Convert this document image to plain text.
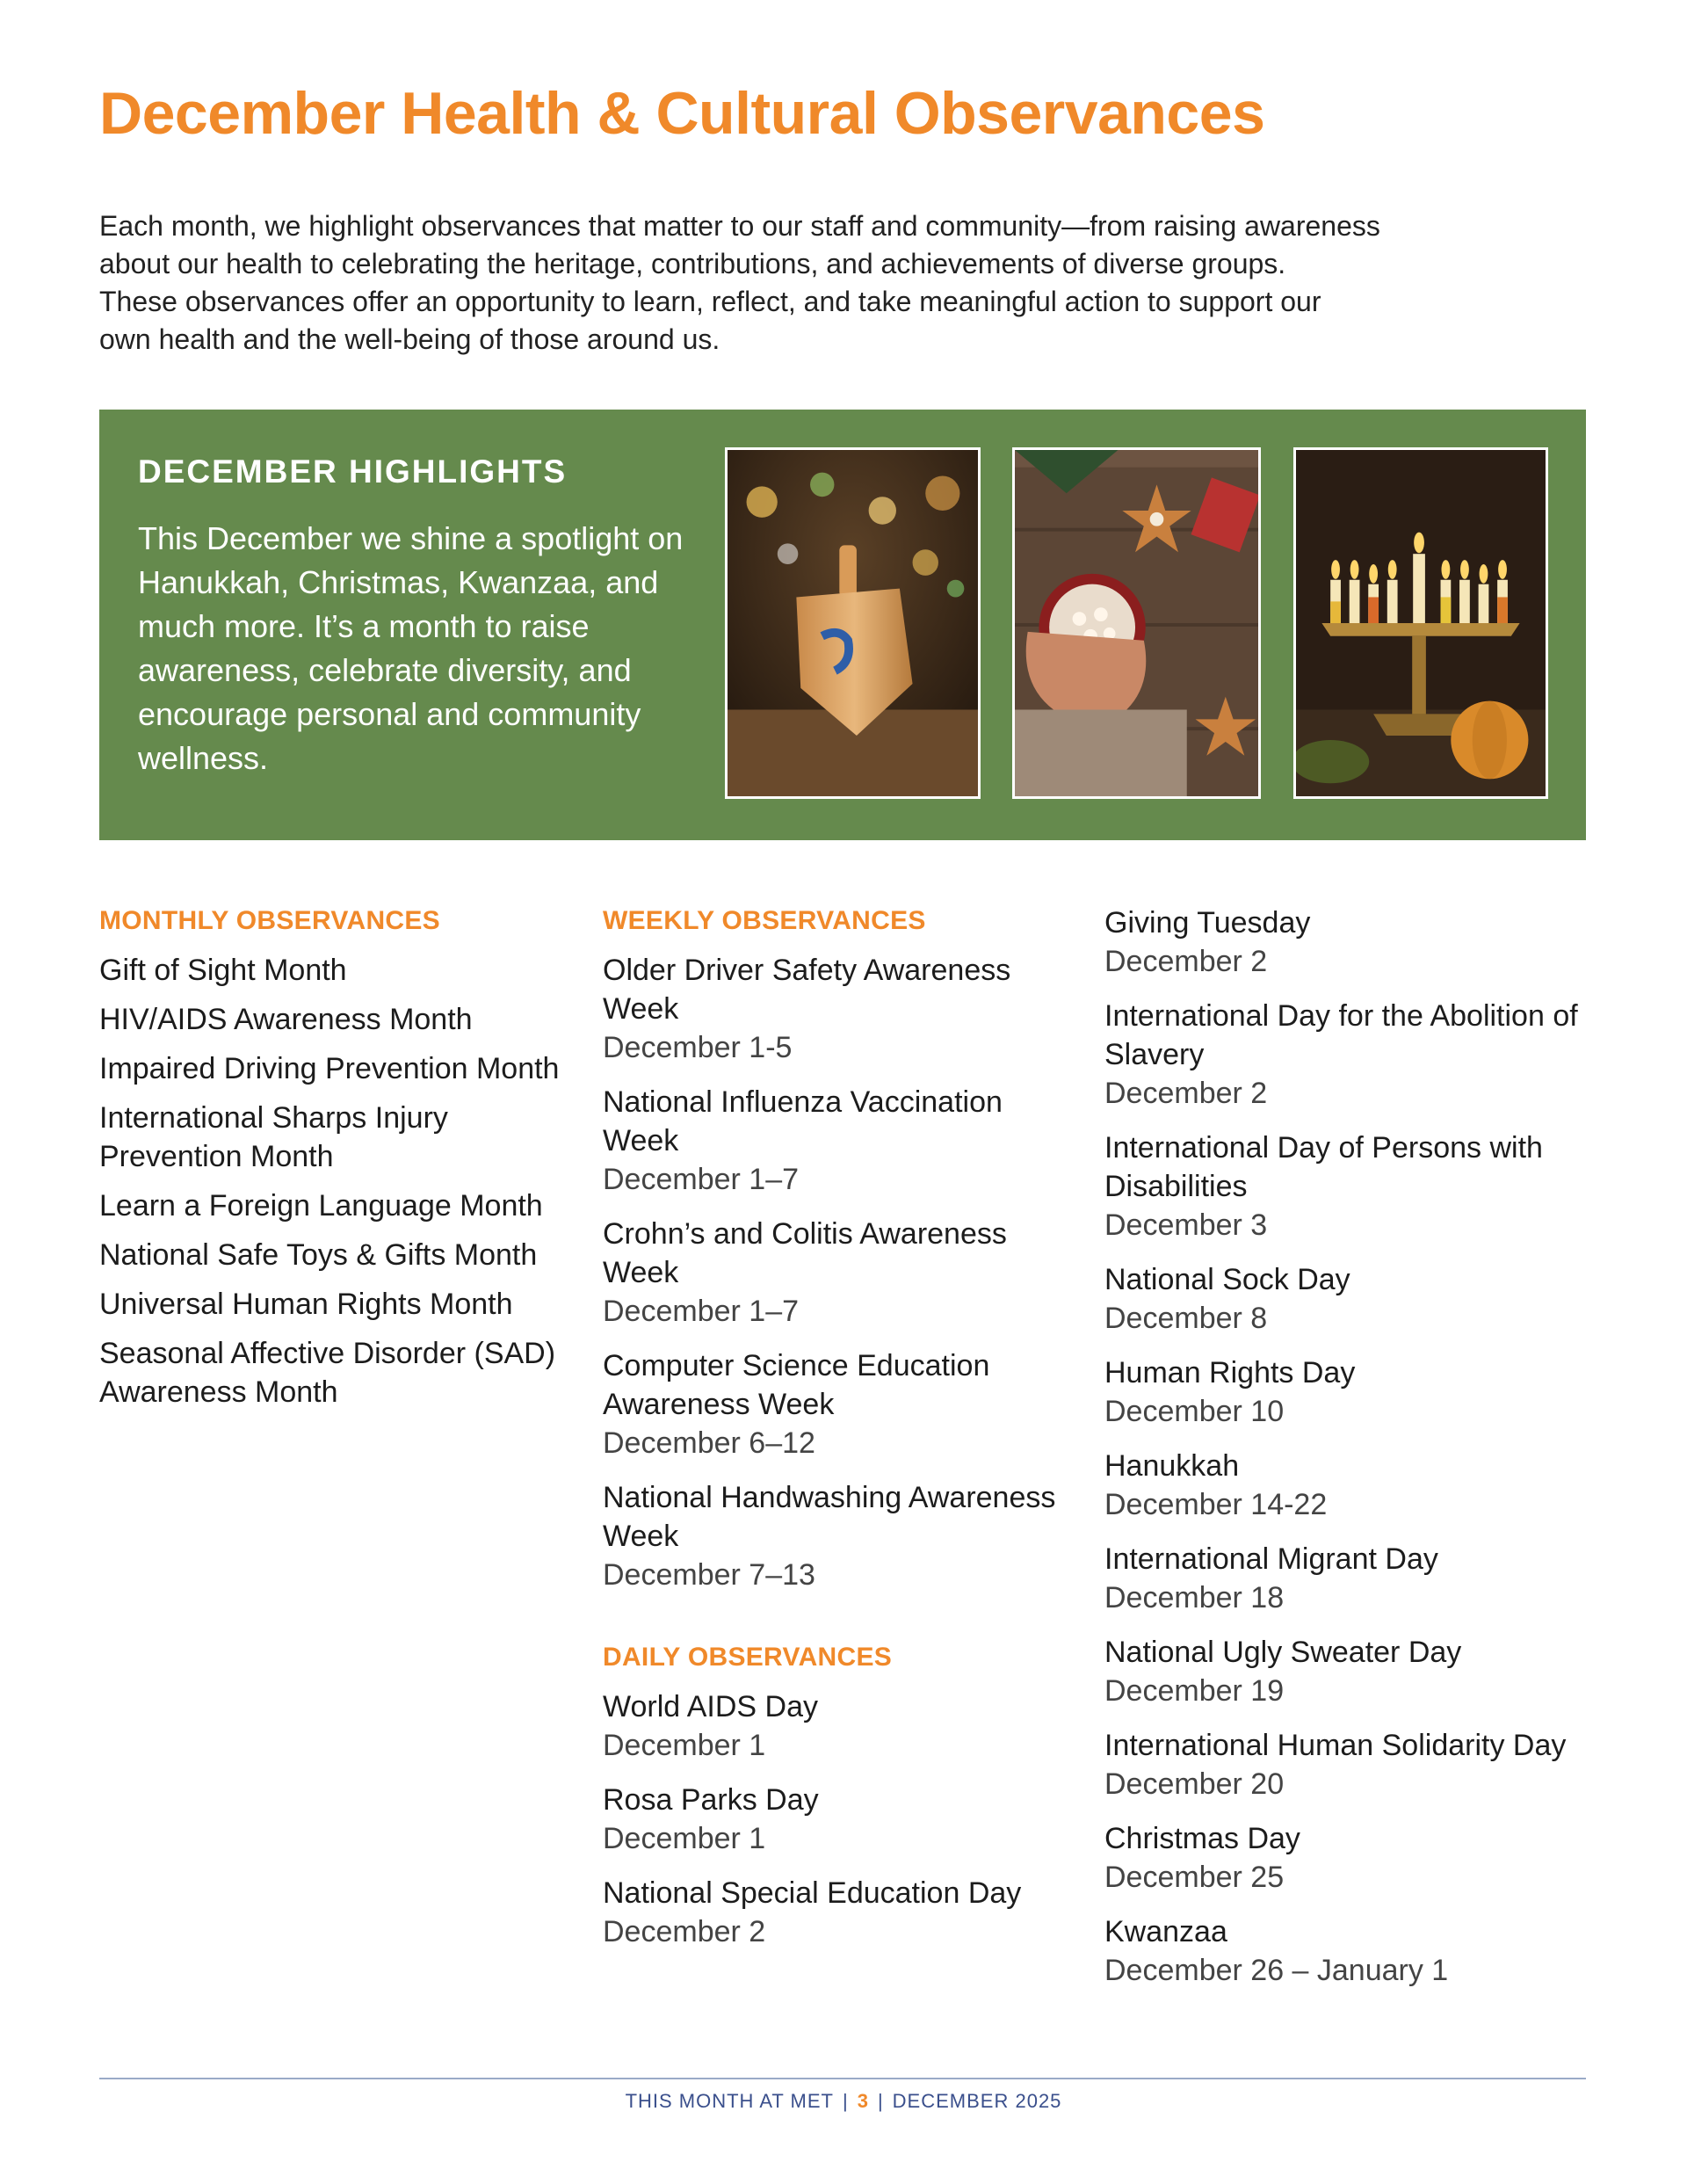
December Health & Cultural Observances

Each month, we highlight observances that matter to our staff and community—from raising awareness

about our health to celebrating the heritage, contributions, and achievements of diverse groups.

These observances offer an opportunity to learn, reflect, and take meaningful action to support our

own health and the well-being of those around us.

DECEMBER HIGHLIGHTS
This December we shine a spotlight on Hanukkah, Christmas, Kwanzaa, and much more. It’s a month to raise awareness, celebrate diversity, and encourage personal and community wellness.
MONTHLY OBSERVANCES
Gift of Sight Month
HIV/AIDS Awareness Month
Impaired Driving Prevention Month
International Sharps Injury Prevention Month
Learn a Foreign Language Month
National Safe Toys & Gifts Month
Universal Human Rights Month
Seasonal Affective Disorder (SAD) Awareness Month
WEEKLY OBSERVANCES
Older Driver Safety Awareness Week
December 1-5
National Influenza Vaccination Week
December 1–7
Crohn’s and Colitis Awareness Week
December 1–7
Computer Science Education Awareness Week
December 6–12
National Handwashing Awareness Week
December 7–13
DAILY OBSERVANCES
World AIDS Day
December 1
Rosa Parks Day
December 1
National Special Education Day
December 2
Giving Tuesday
December 2
International Day for the Abolition of Slavery
December 2
International Day of Persons with Disabilities
December 3
National Sock Day
December 8
Human Rights Day
December 10
Hanukkah
December 14-22
International Migrant Day
December 18
National Ugly Sweater Day
December 19
International Human Solidarity Day
December 20
Christmas Day
December 25
Kwanzaa
December 26 – January 1
THIS MONTH AT MET | 3 | DECEMBER 2025
